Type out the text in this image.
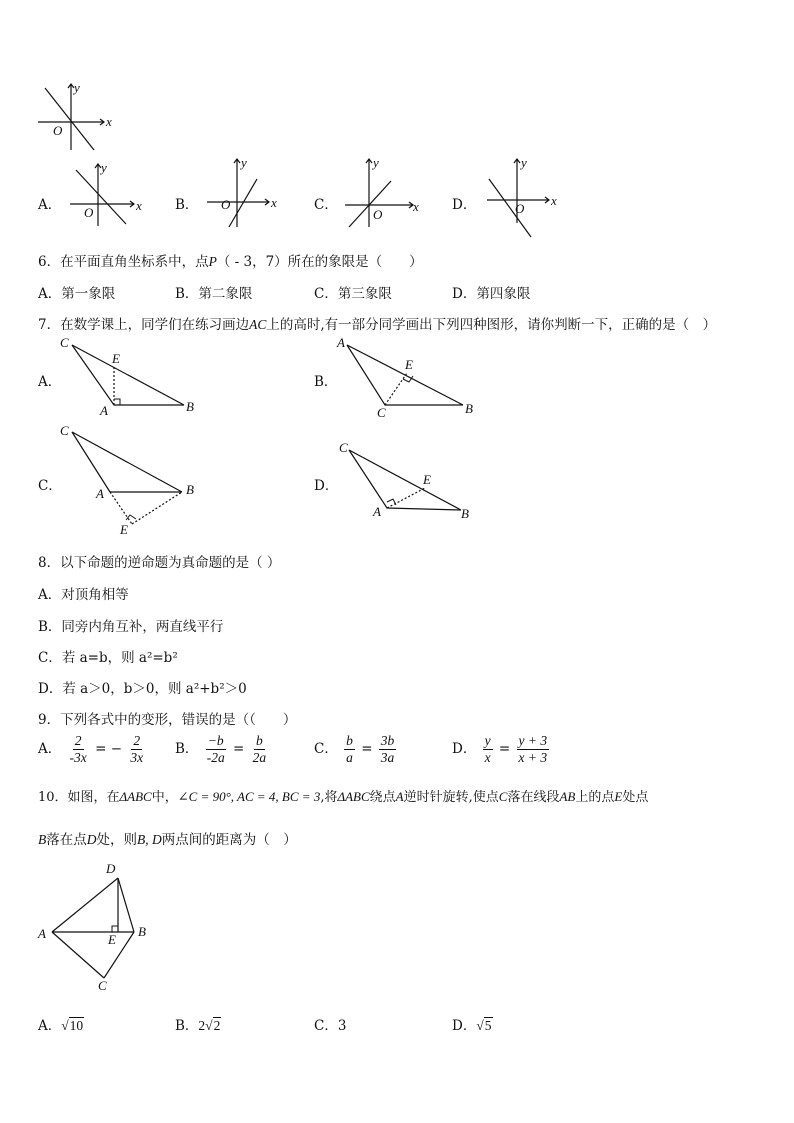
y
x
O
A．
y
x
O	B．
y
x
O	C．
y
x
O
D．
y
x
O
6．在平面直角坐标系中，点P（ - 3，7）所在的象限是（　　）
A．第一象限	B．第二象限	C．第三象限	D．第四象限
7．在数学课上，同学们在练习画边AC上的高时,有一部分同学画出下列四种图形，请你判断一下，正确的是（　）
A．
C
E
A	B
B．
A
E
C	B
C．
C
A	B
E
D．
C
E
A	B
8．以下命题的逆命题为真命题的是（ ）
A．对顶角相等
B．同旁内角互补，两直线平行
C．若 a=b，则 a²=b²
D．若 a＞0，b＞0，则 a²+b²＞0
9．下列各式中的变形，错误的是（（　　）
A． $\frac{2}{-3x}$ = − $\frac{2}{3x}$ B． $\frac{-b}{-2a} = \frac{b}{2a}$	C． $\frac{b}{a} = \frac{3b}{3a}$	D． $\frac{y}{x} = \frac{y + 3}{x + 3}$
10．如图，在ΔABC中，∠C = 90°, AC = 4, BC = 3,将ΔABC绕点A逆时针旋转,使点C落在线段AB上的点E处点
B落在点D处，则B, D两点间的距离为（　）
A
D
B
E
C
A．√10	B．2√2	C．3	D．√5
